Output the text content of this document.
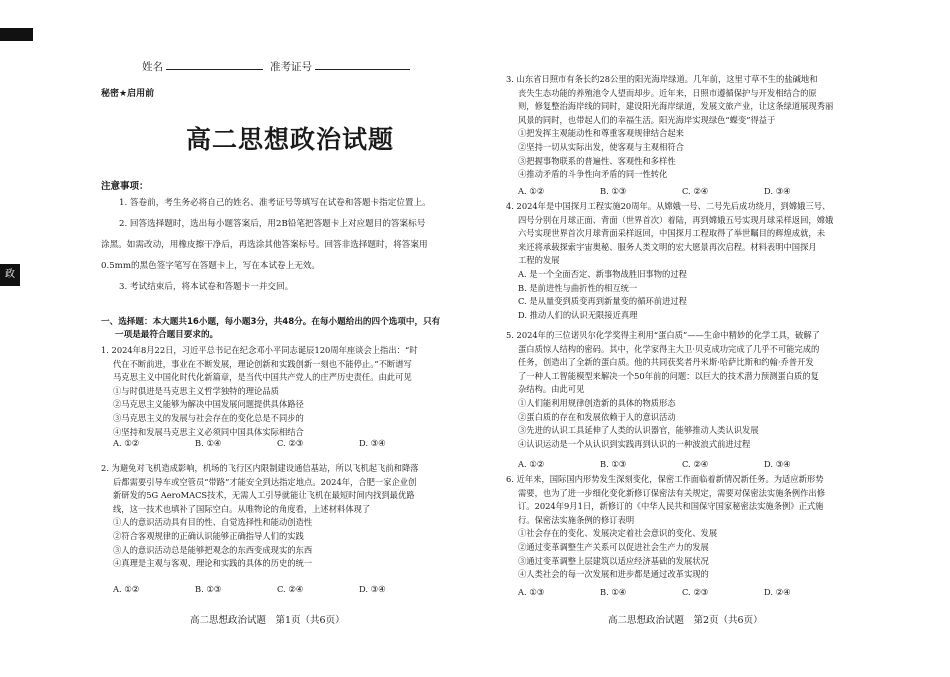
政
姓名	准考证号
秘密★启用前
高二思想政治试题
注意事项：
1. 答卷前，考生务必将自己的姓名、准考证号等填写在试卷和答题卡指定位置上。
2. 回答选择题时，选出每小题答案后，用2B铅笔把答题卡上对应题目的答案标号
涂黑。如需改动，用橡皮擦干净后，再选涂其他答案标号。回答非选择题时，将答案用
0.5mm的黑色签字笔写在答题卡上，写在本试卷上无效。
3. 考试结束后，将本试卷和答题卡一并交回。
一、选择题：本大题共16小题，每小题3分，共48分。在每小题给出的四个选项中，只有
一项是最符合题目要求的。
1. 2024年8月22日，习近平总书记在纪念邓小平同志诞辰120周年座谈会上指出：“时
代在不断前进，事业在不断发展，理论创新和实践创新一刻也不能停止。”不断谱写
马克思主义中国化时代化新篇章，是当代中国共产党人的庄严历史责任。由此可见
①与时俱进是马克思主义哲学独特的理论品质
②马克思主义能够为解决中国发展问题提供具体路径
③马克思主义的发展与社会存在的变化总是不同步的
④坚持和发展马克思主义必须同中国具体实际相结合
A. ①②	B. ①④	C. ②③	D. ③④
2. 为避免对飞机造成影响，机场的飞行区内限制建设通信基站，所以飞机起飞前和降落
后都需要引导车或空管员“带路”才能安全到达指定地点。2024年，合肥一家企业创
新研发的5G AeroMACS技术，无需人工引导就能让飞机在最短时间内找到最优路
线，这一技术也填补了国际空白。从唯物论的角度看，上述材料体现了
①人的意识活动具有目的性、自觉选择性和能动创造性
②符合客观规律的正确认识能够正确指导人们的实践
③人的意识活动总是能够把观念的东西变成现实的东西
④真理是主观与客观、理论和实践的具体的历史的统一
A. ①②	B. ①③	C. ②④	D. ③④
3. 山东省日照市有条长约28公里的阳光海岸绿道。几年前，这里寸草不生的盐碱地和
丧失生态功能的养殖池令人望而却步。近年来，日照市遵循保护与开发相结合的原
则，修复整治海岸线的同时，建设阳光海岸绿道，发展文旅产业，让这条绿道展现秀丽
风景的同时，也带起人们的幸福生活。阳光海岸实现绿色“蝶变”得益于
①把发挥主观能动性和尊重客观规律结合起来
②坚持一切从实际出发，使客观与主观相符合
③把握事物联系的普遍性、客观性和多样性
④推动矛盾的斗争性向矛盾的同一性转化
A. ①②	B. ①③	C. ②④	D. ③④
4. 2024年是中国探月工程实施20周年。从嫦娥一号、二号先后成功绕月，到嫦娥三号、
四号分别在月球正面、背面（世界首次）着陆，再到嫦娥五号实现月球采样返回，嫦娥
六号实现世界首次月球背面采样返回，中国探月工程取得了举世瞩目的辉煌成就，未
来还将承载探索宇宙奥秘、服务人类文明的宏大愿景再次启程。材料表明中国探月
工程的发展
A. 是一个全面否定、新事物战胜旧事物的过程
B. 是前进性与曲折性的相互统一
C. 是从量变到质变再到新量变的循环前进过程
D. 推动人们的认识无限接近真理
5. 2024年的三位诺贝尔化学奖得主利用“蛋白质”——生命中精妙的化学工具，破解了
蛋白质惊人结构的密码。其中，化学家得主大卫·贝克成功完成了几乎不可能完成的
任务，创造出了全新的蛋白质。他的共同获奖者丹米斯·哈萨比斯和约翰·乔普开发
了一种人工智能模型来解决一个50年前的问题：以巨大的技术潜力预测蛋白质的复
杂结构。由此可见
①人们能利用规律创造新的具体的物质形态
②蛋白质的存在和发展依赖于人的意识活动
③先进的认识工具延伸了人类的认识器官，能够推动人类认识发展
④认识运动是一个从认识到实践再到认识的一种波浪式前进过程
A. ①②	B. ①③	C. ②④	D. ③④
6. 近年来，国际国内形势发生深刻变化，保密工作面临着新情况新任务。为适应新形势
需要，也为了进一步细化变化新修订保密法有关规定，需要对保密法实施条例作出修
订。2024年9月1日，新修订的《中华人民共和国保守国家秘密法实施条例》正式施
行。保密法实施条例的修订表明
①社会存在的变化、发展决定着社会意识的变化、发展
②通过变革调整生产关系可以促进社会生产力的发展
③通过变革调整上层建筑以适应经济基础的发展状况
④人类社会的每一次发展和进步都是通过改革实现的
A. ①③	B. ①④	C. ②③	D. ②④
高二思想政治试题　第1页（共6页）	高二思想政治试题　第2页（共6页）
